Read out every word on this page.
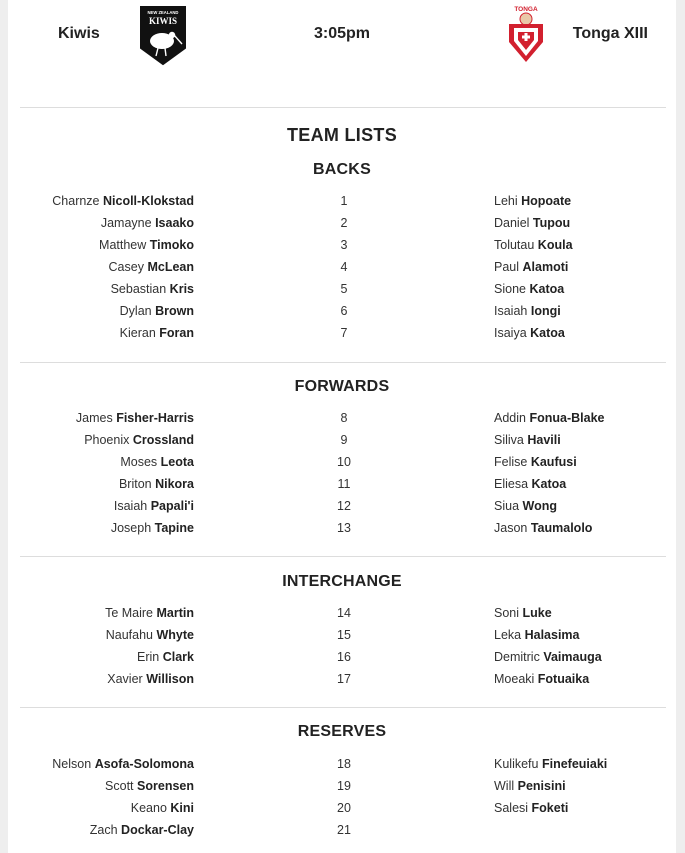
Kiwis
NEW ZEALAND
KIWIS
3:05pm
TONGA
Tonga XIII
TEAM LISTS
BACKS
Charnze Nicoll-Klokstad	1	Lehi Hopoate
Jamayne Isaako	2	Daniel Tupou
Matthew Timoko	3	Tolutau Koula
Casey McLean	4	Paul Alamoti
Sebastian Kris	5	Sione Katoa
Dylan Brown	6	Isaiah Iongi
Kieran Foran	7	Isaiya Katoa
FORWARDS
James Fisher-Harris	8	Addin Fonua-Blake
Phoenix Crossland	9	Siliva Havili
Moses Leota	10	Felise Kaufusi
Briton Nikora	11	Eliesa Katoa
Isaiah Papali'i	12	Siua Wong
Joseph Tapine	13	Jason Taumalolo
INTERCHANGE
Te Maire Martin	14	Soni Luke
Naufahu Whyte	15	Leka Halasima
Erin Clark	16	Demitric Vaimauga
Xavier Willison	17	Moeaki Fotuaika
RESERVES
Nelson Asofa-Solomona	18	Kulikefu Finefeuiaki
Scott Sorensen	19	Will Penisini
Keano Kini	20	Salesi Foketi
Zach Dockar-Clay	21
